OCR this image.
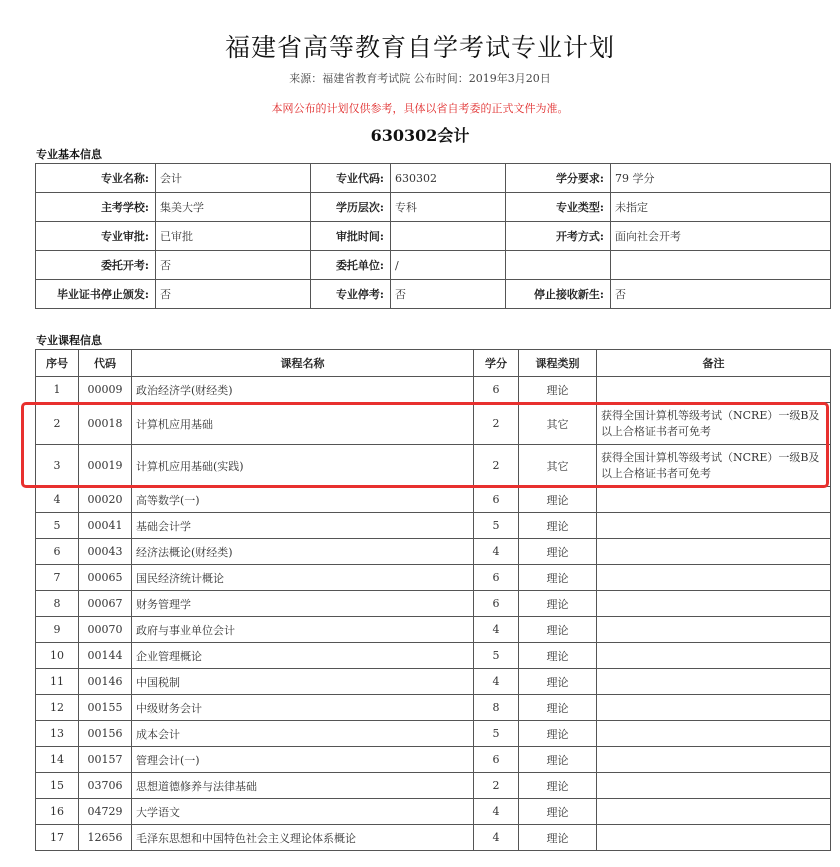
福建省高等教育自学考试专业计划
来源：福建省教育考试院 公布时间：2019年3月20日
本网公布的计划仅供参考，具体以省自考委的正式文件为准。
630302会计
专业基本信息
专业名称:	会计	专业代码:	630302	学分要求:	79 学分
主考学校:	集美大学	学历层次:	专科	专业类型:	未指定
专业审批:	已审批	审批时间:		开考方式:	面向社会开考
委托开考:	否	委托单位:	/		
毕业证书停止颁发:	否	专业停考:	否	停止接收新生:	否
专业课程信息
序号	代码	课程名称	学分	课程类别	备注
1	00009	政治经济学(财经类)	6	理论	
2	00018	计算机应用基础	2	其它	获得全国计算机等级考试（NCRE）一级B及以上合格证书者可免考
3	00019	计算机应用基础(实践)	2	其它	获得全国计算机等级考试（NCRE）一级B及以上合格证书者可免考
4	00020	高等数学(一)	6	理论	
5	00041	基础会计学	5	理论	
6	00043	经济法概论(财经类)	4	理论	
7	00065	国民经济统计概论	6	理论	
8	00067	财务管理学	6	理论	
9	00070	政府与事业单位会计	4	理论	
10	00144	企业管理概论	5	理论	
11	00146	中国税制	4	理论	
12	00155	中级财务会计	8	理论	
13	00156	成本会计	5	理论	
14	00157	管理会计(一)	6	理论	
15	03706	思想道德修养与法律基础	2	理论	
16	04729	大学语文	4	理论	
17	12656	毛泽东思想和中国特色社会主义理论体系概论	4	理论	
